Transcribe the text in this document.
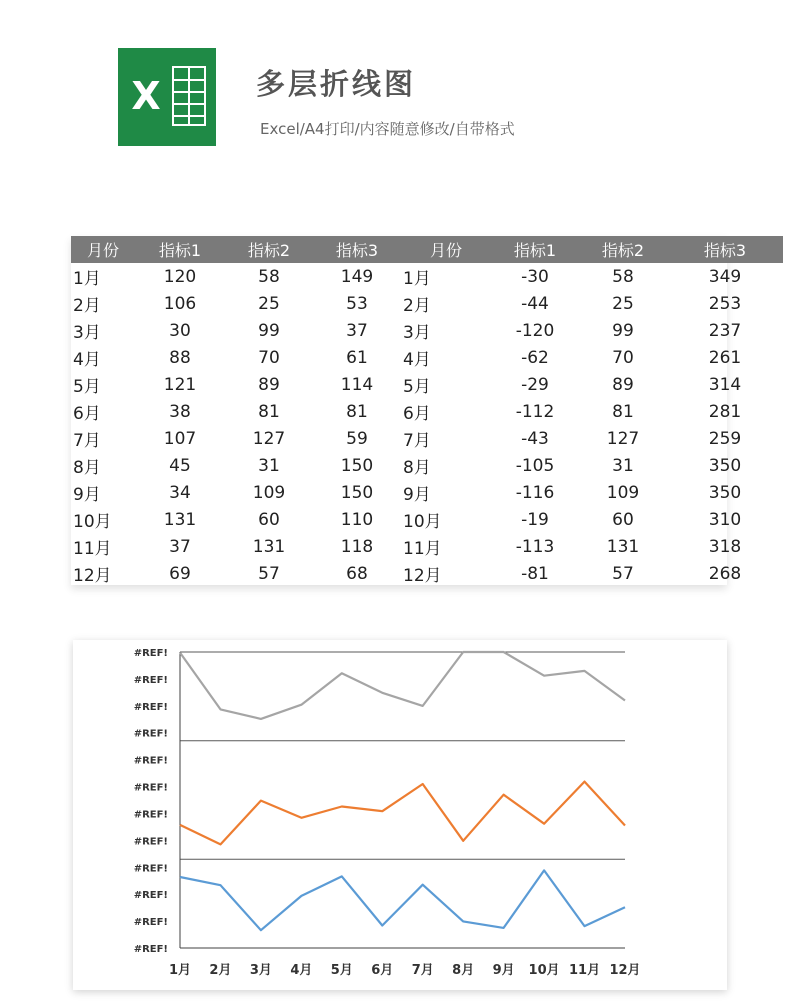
X	多层折线图
Excel/A4打印/内容随意修改/自带格式
月份	指标1	指标2	指标3	月份	指标1	指标2	指标3
1月	120	58	149	1月	-30	58	349
2月	106	25	53	2月	-44	25	253
3月	30	99	37	3月	-120	99	237
4月	88	70	61	4月	-62	70	261
5月	121	89	114	5月	-29	89	314
6月	38	81	81	6月	-112	81	281
7月	107	127	59	7月	-43	127	259
8月	45	31	150	8月	-105	31	350
9月	34	109	150	9月	-116	109	350
10月	131	60	110	10月	-19	60	310
11月	37	131	118	11月	-113	131	318
12月	69	57	68	12月	-81	57	268
#REF!
#REF!
#REF!
#REF!
#REF!
#REF!
#REF!
#REF!
#REF!
#REF!
#REF!
#REF!
1月 2月 3月 4月 5月 6月 7月 8月 9月 10月 11月 12月
